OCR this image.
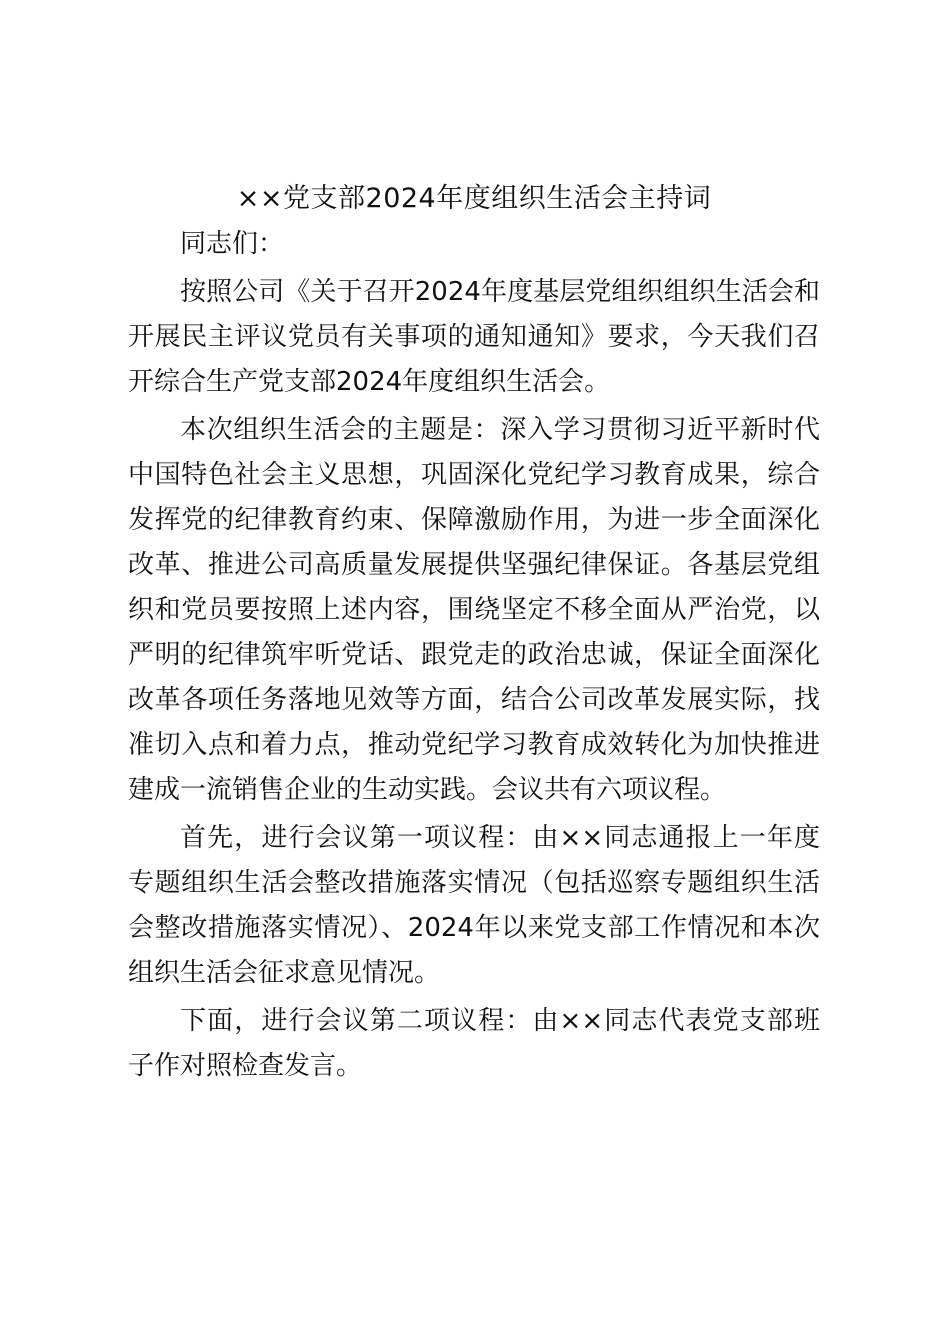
××党支部2024年度组织生活会主持词

同志们：

按照公司《关于召开2024年度基层党组织组织生活会和开展民主评议党员有关事项的通知通知》要求，今天我们召开综合生产党支部2024年度组织生活会。

本次组织生活会的主题是：深入学习贯彻习近平新时代中国特色社会主义思想，巩固深化党纪学习教育成果，综合发挥党的纪律教育约束、保障激励作用，为进一步全面深化改革、推进公司高质量发展提供坚强纪律保证。各基层党组织和党员要按照上述内容，围绕坚定不移全面从严治党，以严明的纪律筑牢听党话、跟党走的政治忠诚，保证全面深化改革各项任务落地见效等方面，结合公司改革发展实际，找准切入点和着力点，推动党纪学习教育成效转化为加快推进建成一流销售企业的生动实践。会议共有六项议程。

首先，进行会议第一项议程：由××同志通报上一年度专题组织生活会整改措施落实情况（包括巡察专题组织生活会整改措施落实情况）、2024年以来党支部工作情况和本次组织生活会征求意见情况。

下面，进行会议第二项议程：由××同志代表党支部班子作对照检查发言。
